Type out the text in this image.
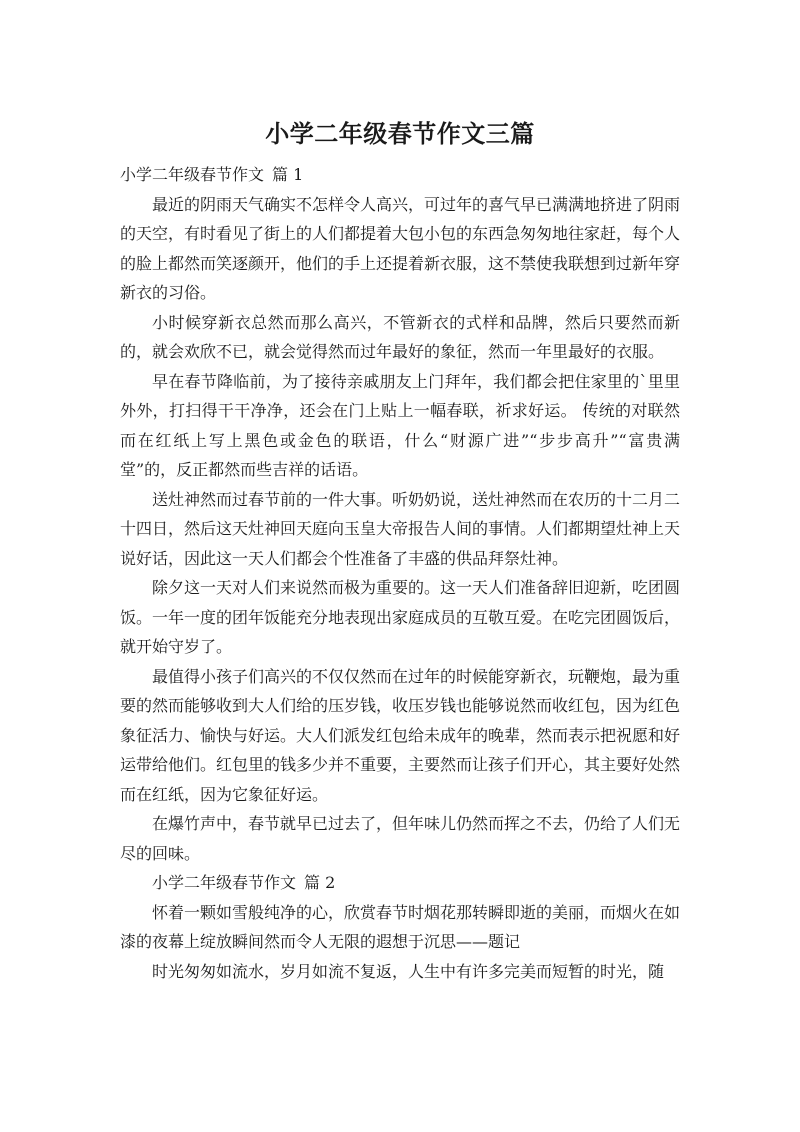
小学二年级春节作文三篇

小学二年级春节作文 篇 1

最近的阴雨天气确实不怎样令人高兴，可过年的喜气早已满满地挤进了阴雨的天空，有时看见了街上的人们都提着大包小包的东西急匆匆地往家赶，每个人的脸上都然而笑逐颜开，他们的手上还提着新衣服，这不禁使我联想到过新年穿新衣的习俗。

小时候穿新衣总然而那么高兴，不管新衣的式样和品牌，然后只要然而新的，就会欢欣不已，就会觉得然而过年最好的象征，然而一年里最好的衣服。

早在春节降临前，为了接待亲戚朋友上门拜年，我们都会把住家里的`里里外外，打扫得干干净净，还会在门上贴上一幅春联，祈求好运。 传统的对联然而在红纸上写上黑色或金色的联语，什么“财源广进”“步步高升”“富贵满堂”的，反正都然而些吉祥的话语。

送灶神然而过春节前的一件大事。听奶奶说，送灶神然而在农历的十二月二十四日，然后这天灶神回天庭向玉皇大帝报告人间的事情。人们都期望灶神上天说好话，因此这一天人们都会个性准备了丰盛的供品拜祭灶神。

除夕这一天对人们来说然而极为重要的。这一天人们准备辞旧迎新，吃团圆饭。一年一度的团年饭能充分地表现出家庭成员的互敬互爱。在吃完团圆饭后，就开始守岁了。

最值得小孩子们高兴的不仅仅然而在过年的时候能穿新衣，玩鞭炮，最为重要的然而能够收到大人们给的压岁钱，收压岁钱也能够说然而收红包，因为红色象征活力、愉快与好运。大人们派发红包给未成年的晚辈，然而表示把祝愿和好运带给他们。红包里的钱多少并不重要，主要然而让孩子们开心，其主要好处然而在红纸，因为它象征好运。

在爆竹声中，春节就早已过去了，但年味儿仍然而挥之不去，仍给了人们无尽的回味。

小学二年级春节作文 篇 2

怀着一颗如雪般纯净的心，欣赏春节时烟花那转瞬即逝的美丽，而烟火在如漆的夜幕上绽放瞬间然而令人无限的遐想于沉思——题记

时光匆匆如流水，岁月如流不复返，人生中有许多完美而短暂的时光，随
